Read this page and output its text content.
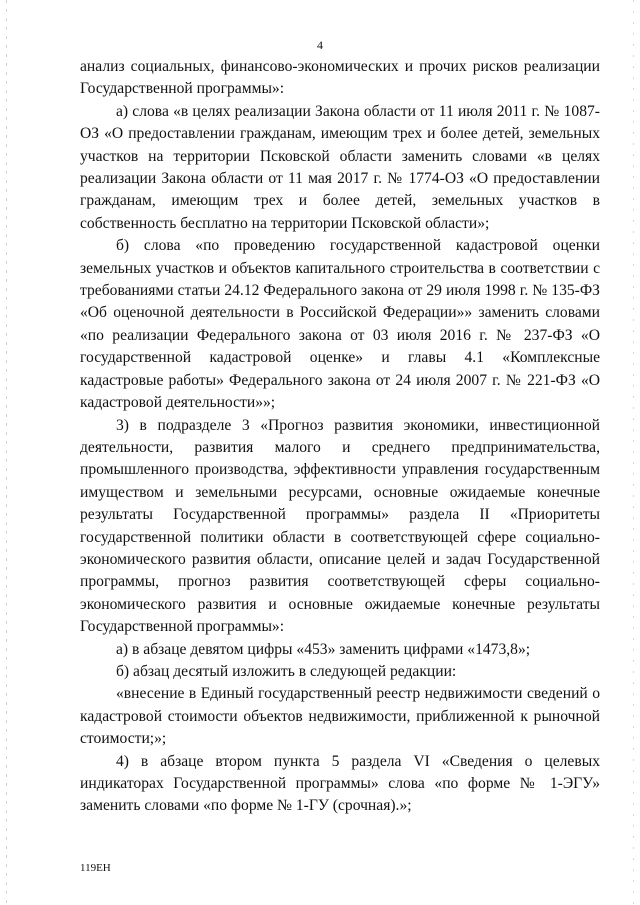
4

анализ социальных, финансово-экономических и прочих рисков реализации Государственной программы»:

а) слова «в целях реализации Закона области от 11 июля 2011 г. № 1087-ОЗ «О предоставлении гражданам, имеющим трех и более детей, земельных участков на территории Псковской области заменить словами «в целях реализации Закона области от 11 мая 2017 г. № 1774-ОЗ «О предоставлении гражданам, имеющим трех и более детей, земельных участков в собственность бесплатно на территории Псковской области»;

б) слова «по проведению государственной кадастровой оценки земельных участков и объектов капитального строительства в соответствии с требованиями статьи 24.12 Федерального закона от 29 июля 1998 г. № 135-ФЗ «Об оценочной деятельности в Российской Федерации»» заменить словами «по реализации Федерального закона от 03 июля 2016 г. № 237-ФЗ «О государственной кадастровой оценке» и главы 4.1 «Комплексные кадастровые работы» Федерального закона от 24 июля 2007 г. № 221-ФЗ «О кадастровой деятельности»»;

3) в подразделе 3 «Прогноз развития экономики, инвестиционной деятельности, развития малого и среднего предпринимательства, промышленного производства, эффективности управления государственным имуществом и земельными ресурсами, основные ожидаемые конечные результаты Государственной программы» раздела II «Приоритеты государственной политики области в соответствующей сфере социально-экономического развития области, описание целей и задач Государственной программы, прогноз развития соответствующей сферы социально-экономического развития и основные ожидаемые конечные результаты Государственной программы»:

а) в абзаце девятом цифры «453» заменить цифрами «1473,8»;

б) абзац десятый изложить в следующей редакции:

«внесение в Единый государственный реестр недвижимости сведений о кадастровой стоимости объектов недвижимости, приближенной к рыночной стоимости;»;

4) в абзаце втором пункта 5 раздела VI «Сведения о целевых индикаторах Государственной программы» слова «по форме № 1-ЭГУ» заменить словами «по форме № 1-ГУ (срочная).»;

119ЕН
